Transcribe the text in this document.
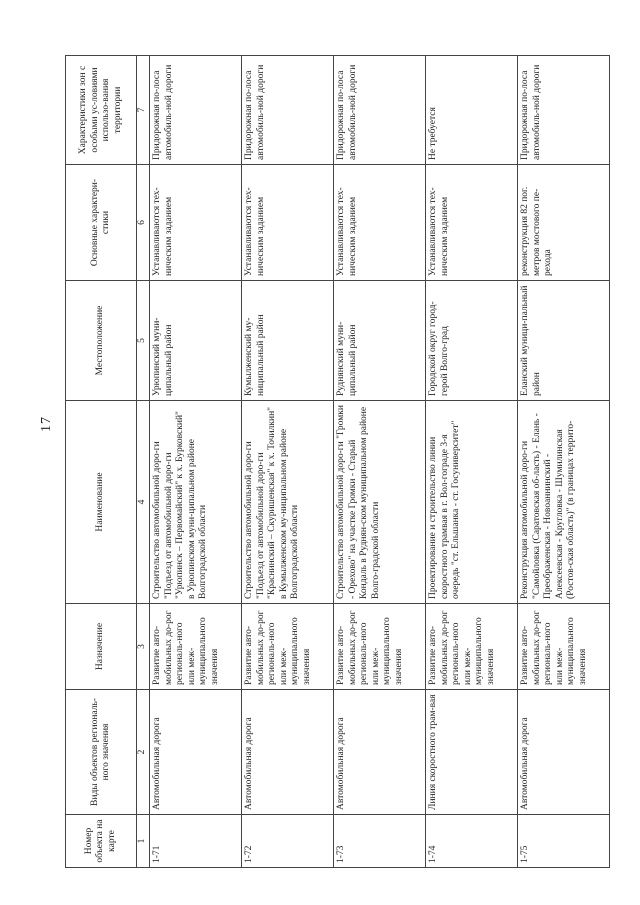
17
Номер объекта на карте	Виды объектов региональ-ного значения	Назначение	Наименование	Местоположение	Основные характери-стики	Характеристики зон с особыми ус-ловиями использо-вания территории
1	2	3	4	5	6	7
1-71	Автомобильная дорога	Развитие авто-мобильных до-рог региональ-ного или меж-муниципального значения	Строительство автомобильной доро-ги "Подъезд от автомобильной доро-ги "Урюпинск – Первомайский" к х. Бурковский" в Урюпинском муни-ципальном районе Волгоградской области	Урюпинский муни-ципальный район	Устанавливаются тех-ническим заданием	Придорожная по-лоса автомобиль-ной дороги
1-72	Автомобильная дорога	Развитие авто-мобильных до-рог региональ-ного или меж-муниципального значения	Строительство автомобильной доро-ги "Подъезд от автомобильной доро-ги "Краснинский – Скуришенская" к х. Точилкин" в Кумылженском му-ниципальном районе Волгоградской области	Кумылженский му-ниципальный район	Устанавливаются тех-ническим заданием	Придорожная по-лоса автомобиль-ной дороги
1-73	Автомобильная дорога	Развитие авто-мобильных до-рог региональ-ного или меж-муниципального значения	Строительство автомобильной доро-ги "Громки - Орехово" на участке Громки - Старый Кондаль в Руднян-ском муниципальном районе Волго-градской области	Руднянский муни-ципальный район	Устанавливаются тех-ническим заданием	Придорожная по-лоса автомобиль-ной дороги
1-74	Линия скоростного трам-вая	Развитие авто-мобильных до-рог региональ-ного или меж-муниципального значения	Проектирование и строительство линии скоростного трамвая в г. Вол-гограде 3-я очередь "ст. Ельшанка - ст. Госуниверситет"	Городской округ город-герой Волго-град	Устанавливаются тех-ническим заданием	Не требуется
1-75	Автомобильная дорога	Развитие авто-мобильных до-рог региональ-ного или меж-муниципального значения	Реконструкция автомобильной доро-ги "Самойловка (Саратовская об-ласть) - Елань - Преображенская - Новоаннинский - Алексеевская - Кругловка - Шумилинская (Ростов-ская область)" (в границах террито-	Еланский муници-пальный район	реконструкция 82 пог. метров мостового пе-рехода	Придорожная по-лоса автомобиль-ной дороги
